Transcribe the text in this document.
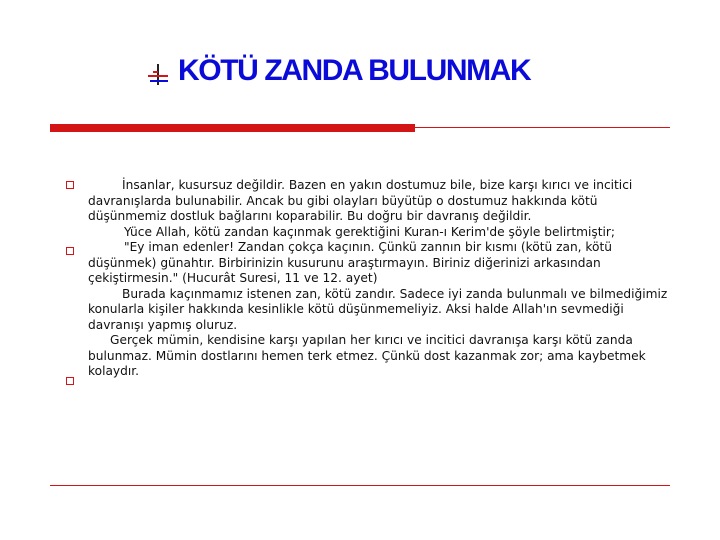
KÖTÜ ZANDA BULUNMAK

İnsanlar, kusursuz değildir. Bazen en yakın dostumuz bile, bize karşı kırıcı ve incitici davranışlarda bulunabilir. Ancak bu gibi olayları büyütüp o dostumuz hakkında kötü düşünmemiz dostluk bağlarını koparabilir. Bu doğru bir davranış değildir.

Yüce Allah, kötü zandan kaçınmak gerektiğini Kuran-ı Kerim'de şöyle belirtmiştir;

"Ey iman edenler! Zandan çokça kaçının. Çünkü zannın bir kısmı (kötü zan, kötü düşünmek) günahtır. Birbirinizin kusurunu araştırmayın. Biriniz diğerinizi arkasından çekiştirmesin." (Hucurât Suresi, 11 ve 12. ayet)

Burada kaçınmamız istenen zan, kötü zandır. Sadece iyi zanda bulunmalı ve bilmediğimiz konularla kişiler hakkında kesinlikle kötü düşünmemeliyiz. Aksi halde Allah'ın sevmediği davranışı yapmış oluruz.

Gerçek mümin, kendisine karşı yapılan her kırıcı ve incitici davranışa karşı kötü zanda bulunmaz. Mümin dostlarını hemen terk etmez. Çünkü dost kazanmak zor; ama kaybetmek kolaydır.
